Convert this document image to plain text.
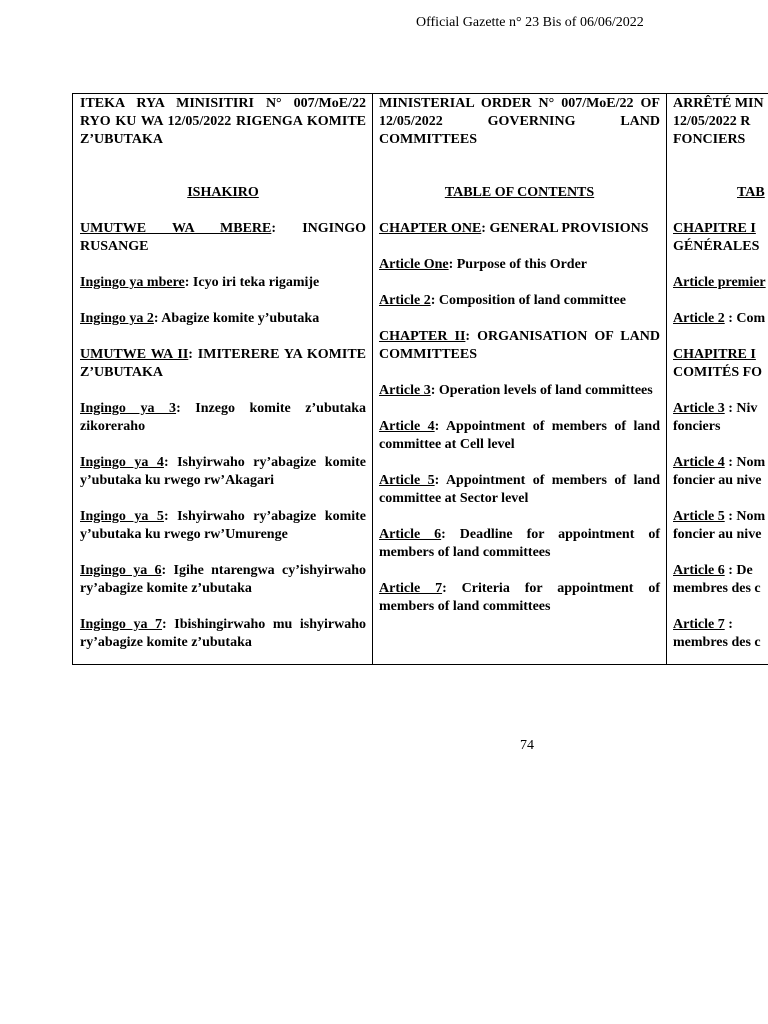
Official Gazette n° 23 Bis of 06/06/2022
ITEKA RYA MINISITIRI N° 007/MoE/22 RYO KU WA 12/05/2022 RIGENGA KOMITE Z’UBUTAKA
ISHAKIRO
UMUTWE WA MBERE: INGINGO RUSANGE
Ingingo ya mbere: Icyo iri teka rigamije
Ingingo ya 2: Abagize komite y’ubutaka
UMUTWE WA II: IMITERERE YA KOMITE Z’UBUTAKA
Ingingo ya 3: Inzego komite z’ubutaka zikoreraho
Ingingo ya 4: Ishyirwaho ry’abagize komite y’ubutaka ku rwego rw’Akagari
Ingingo ya 5: Ishyirwaho ry’abagize komite y’ubutaka ku rwego rw’Umurenge
Ingingo ya 6: Igihe ntarengwa cy’ishyirwaho ry’abagize komite z’ubutaka
Ingingo ya 7: Ibishingirwaho mu ishyirwaho ry’abagize komite z’ubutaka
MINISTERIAL ORDER N° 007/MoE/22 OF 12/05/2022 GOVERNING LAND COMMITTEES
TABLE OF CONTENTS
CHAPTER ONE: GENERAL PROVISIONS
Article One: Purpose of this Order
Article 2: Composition of land committee
CHAPTER II: ORGANISATION OF LAND COMMITTEES
Article 3: Operation levels of land committees
Article 4: Appointment of members of land committee at Cell level
Article 5: Appointment of members of land committee at Sector level
Article 6: Deadline for appointment of members of land committees
Article 7: Criteria for appointment of members of land committees
ARRÊTÉ MIN
12/05/2022 R
FONCIERS
TAB
CHAPITRE I
GÉNÉRALES
Article premier
Article 2 : Com
CHAPITRE I
COMITÉS FO
Article 3 : Niv
fonciers
Article 4 : Nom
foncier au nive
Article 5 : Nom
foncier au nive
Article 6 : De
membres des c
Article 7 :
membres des c
74
